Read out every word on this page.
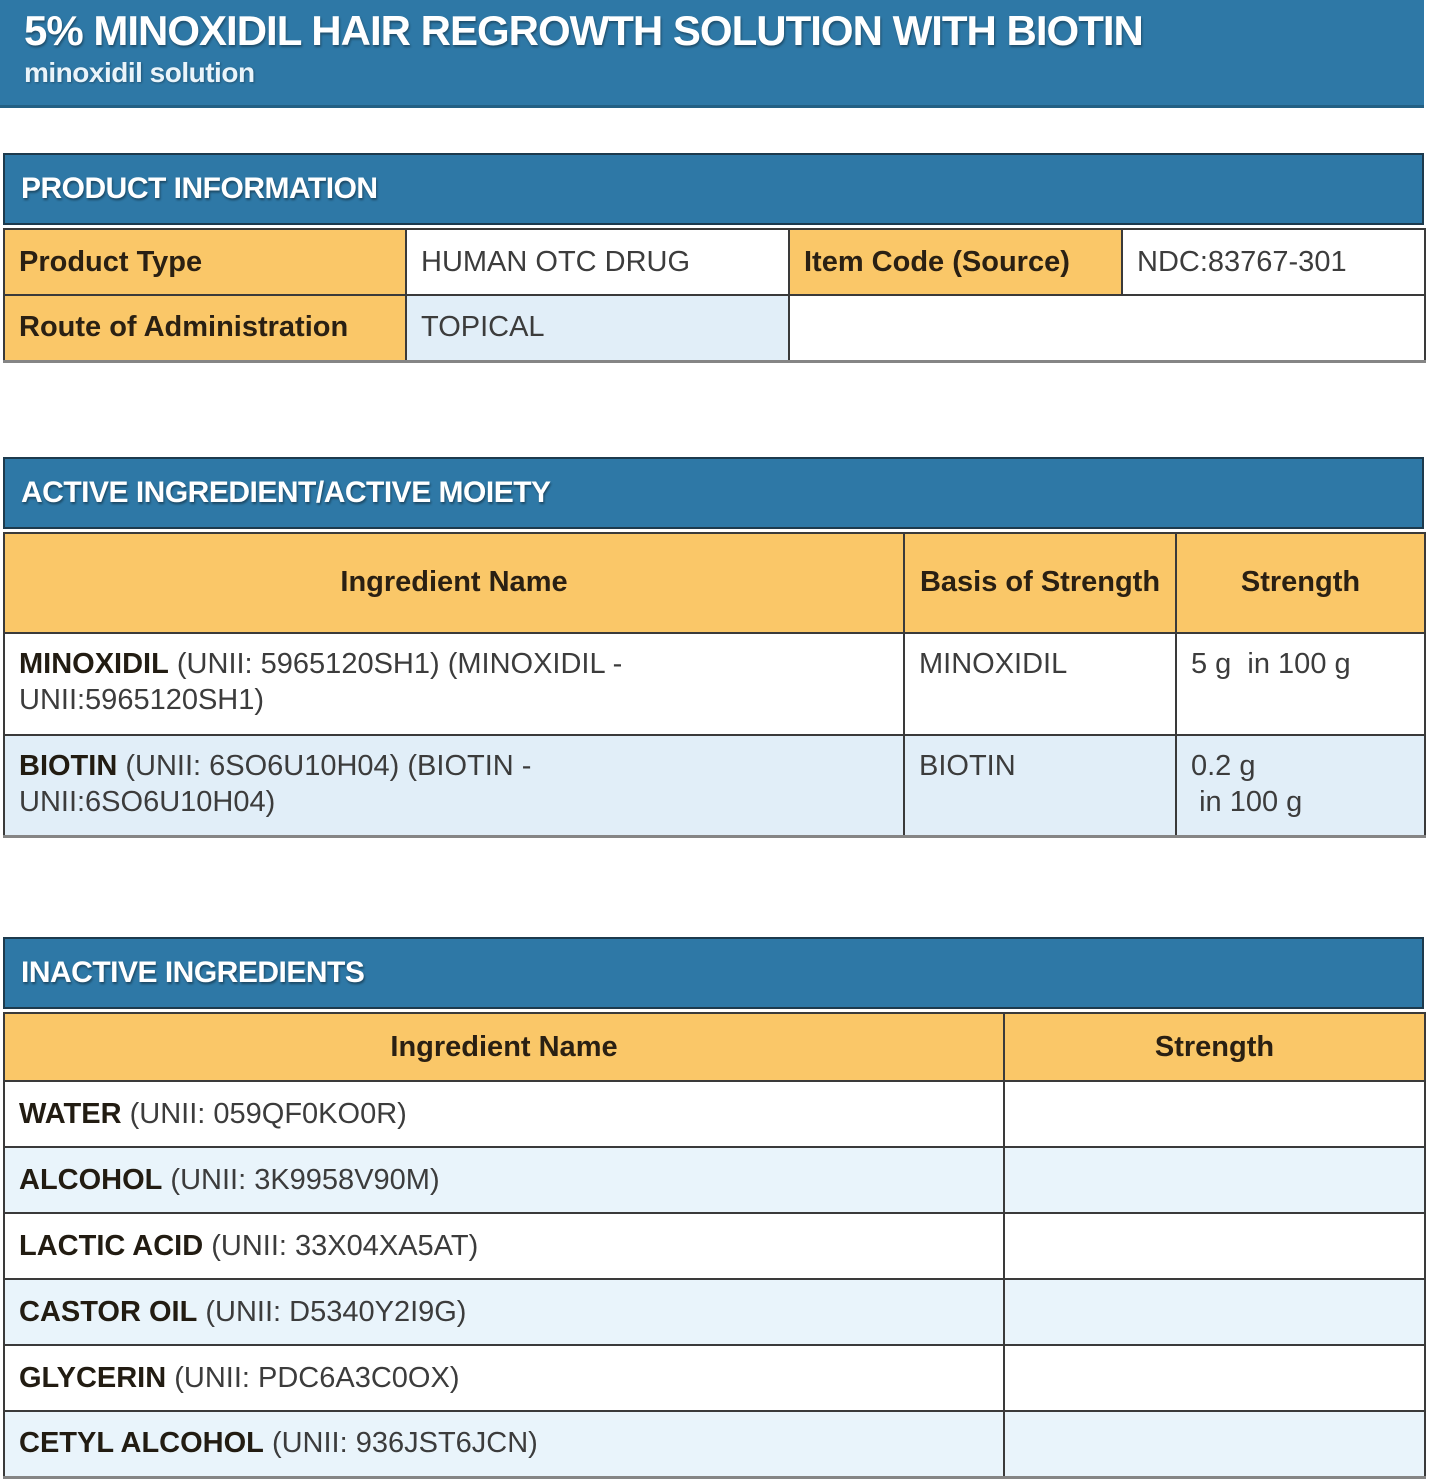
5% MINOXIDIL HAIR REGROWTH SOLUTION WITH BIOTIN
minoxidil solution
PRODUCT INFORMATION
Product Type	HUMAN OTC DRUG	Item Code (Source)	NDC:83767-301
Route of Administration	TOPICAL		
ACTIVE INGREDIENT/ACTIVE MOIETY
Ingredient Name	Basis of Strength	Strength

MINOXIDIL (UNII: 5965120SH1) (MINOXIDIL - UNII:5965120SH1)	MINOXIDIL	5 g  in 100 g

BIOTIN (UNII: 6SO6U10H04) (BIOTIN - UNII:6SO6U10H04)	BIOTIN	0.2 g
in 100 g
INACTIVE INGREDIENTS
Ingredient Name	Strength
WATER (UNII: 059QF0KO0R)	
ALCOHOL (UNII: 3K9958V90M)	
LACTIC ACID (UNII: 33X04XA5AT)	
CASTOR OIL (UNII: D5340Y2I9G)	
GLYCERIN (UNII: PDC6A3C0OX)	
CETYL ALCOHOL (UNII: 936JST6JCN)	
